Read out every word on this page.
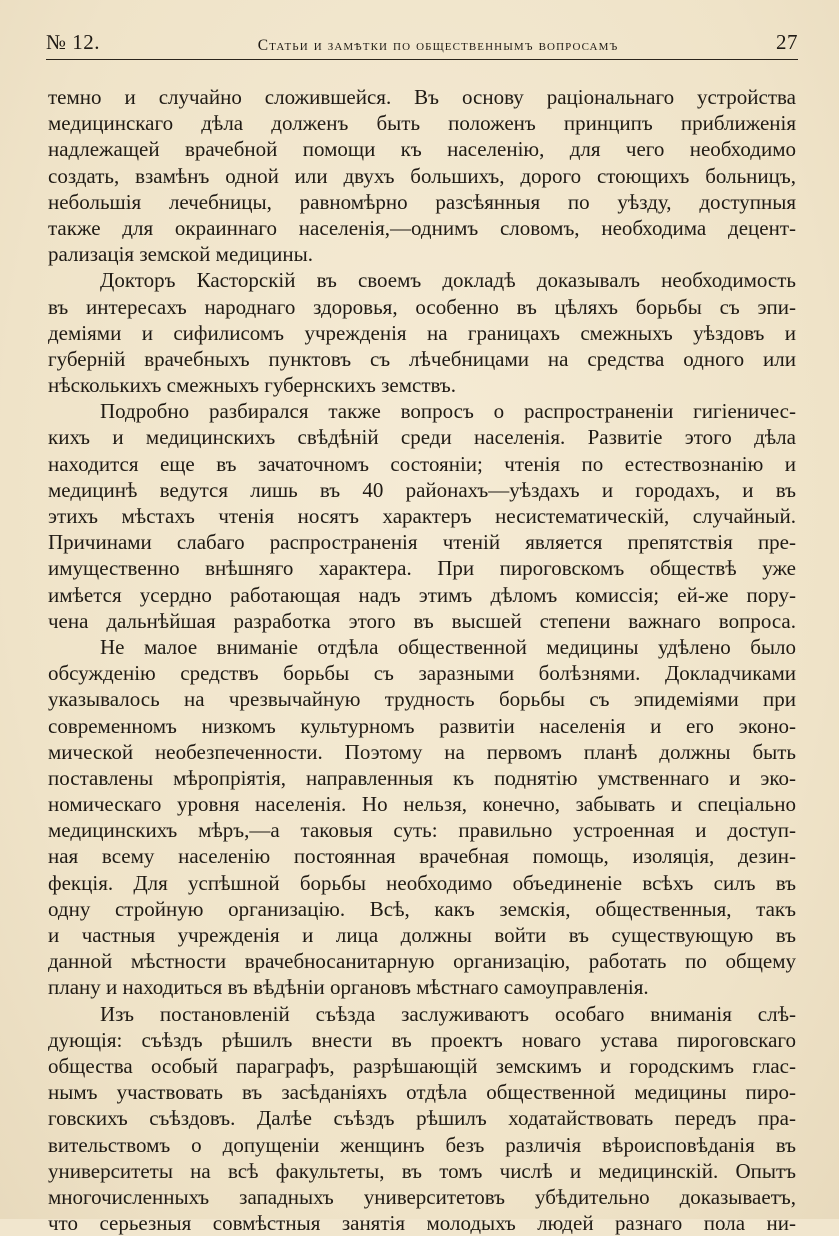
№ 12.	Статьи и замѣтки по общественнымъ вопросамъ	27
темно и случайно сложившейся. Въ основу раціональнаго устройства
медицинскаго дѣла долженъ быть положенъ принципъ приближенія
надлежащей врачебной помощи къ населенію, для чего необходимо
создать, взамѣнъ одной или двухъ большихъ, дорого стоющихъ больницъ,
небольшія лечебницы, равномѣрно разсѣянныя по уѣзду, доступныя
также для окраиннаго населенія,—однимъ словомъ, необходима децент-
рализація земской медицины.
Докторъ Касторскій въ своемъ докладѣ доказывалъ необходимость
въ интересахъ народнаго здоровья, особенно въ цѣляхъ борьбы съ эпи-
деміями и сифилисомъ учрежденія на границахъ смежныхъ уѣздовъ и
губерній врачебныхъ пунктовъ съ лѣчебницами на средства одного или
нѣсколькихъ смежныхъ губернскихъ земствъ.
Подробно разбирался также вопросъ о распространеніи гигіеничес-
кихъ и медицинскихъ свѣдѣній среди населенія. Развитіе этого дѣла
находится еще въ зачаточномъ состояніи; чтенія по естествознанію и
медицинѣ ведутся лишь въ 40 районахъ—уѣздахъ и городахъ, и въ
этихъ мѣстахъ чтенія носятъ характеръ несистематическій, случайный.
Причинами слабаго распространенія чтеній является препятствія пре-
имущественно внѣшняго характера. При пироговскомъ обществѣ уже
имѣется усердно работающая надъ этимъ дѣломъ комиссія; ей-же пору-
чена дальнѣйшая разработка этого въ высшей степени важнаго вопроса.
Не малое вниманіе отдѣла общественной медицины удѣлено было
обсужденію средствъ борьбы съ заразными болѣзнями. Докладчиками
указывалось на чрезвычайную трудность борьбы съ эпидеміями при
современномъ низкомъ культурномъ развитіи населенія и его эконо-
мической необезпеченности. Поэтому на первомъ планѣ должны быть
поставлены мѣропріятія, направленныя къ поднятію умственнаго и эко-
номическаго уровня населенія. Но нельзя, конечно, забывать и спеціально
медицинскихъ мѣръ,—а таковыя суть: правильно устроенная и доступ-
ная всему населенію постоянная врачебная помощь, изоляція, дезин-
фекція. Для успѣшной борьбы необходимо объединеніе всѣхъ силъ въ
одну стройную организацію. Всѣ, какъ земскія, общественныя, такъ
и частныя учрежденія и лица должны войти въ существующую въ
данной мѣстности врачебносанитарную организацію, работать по общему
плану и находиться въ вѣдѣніи органовъ мѣстнаго самоуправленія.
Изъ постановленій съѣзда заслуживаютъ особаго вниманія слѣ-
дующія: съѣздъ рѣшилъ внести въ проектъ новаго устава пироговскаго
общества особый параграфъ, разрѣшающій земскимъ и городскимъ глас-
нымъ участвовать въ засѣданіяхъ отдѣла общественной медицины пиро-
говскихъ съѣздовъ. Далѣе съѣздъ рѣшилъ ходатайствовать передъ пра-
вительствомъ о допущеніи женщинъ безъ различія вѣроисповѣданія въ
университеты на всѣ факультеты, въ томъ числѣ и медицинскій. Опытъ
многочисленныхъ западныхъ университетовъ убѣдительно доказываетъ,
что серьезныя совмѣстныя занятія молодыхъ людей разнаго пола ни-
